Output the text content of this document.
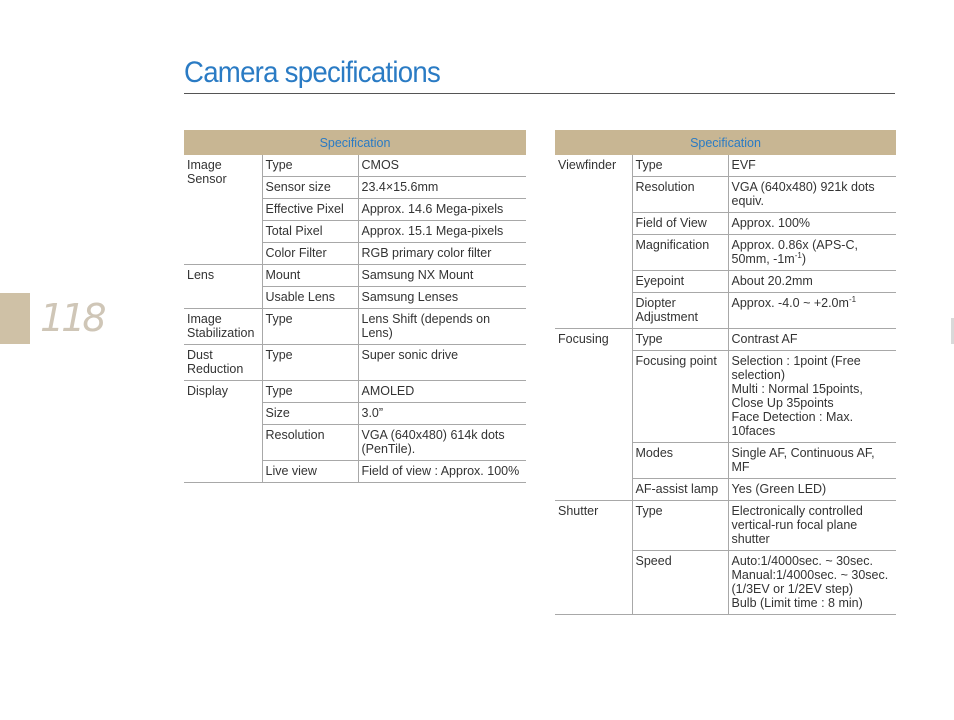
Camera specifications
118
Specification		
Image Sensor	Type	CMOS
	Sensor size	23.4×15.6mm
	Effective Pixel	Approx. 14.6 Mega-pixels
	Total Pixel	Approx. 15.1 Mega-pixels
	Color Filter	RGB primary color filter
Lens	Mount	Samsung NX Mount
	Usable Lens	Samsung Lenses
Image Stabilization	Type	Lens Shift (depends on Lens)
Dust Reduction	Type	Super sonic drive
Display	Type	AMOLED
	Size	3.0”
	Resolution	VGA (640x480) 614k dots (PenTile).
	Live view	Field of view : Approx. 100%
Specification		
Viewfinder	Type	EVF
	Resolution	VGA (640x480) 921k dots equiv.
	Field of View	Approx. 100%
	Magnification	Approx. 0.86x (APS-C, 50mm, $-1m^{-1}$)
	Eyepoint	About 20.2mm
	Diopter Adjustment	Approx. -4.0 ~ $+2.0m^{-1}$
Focusing	Type	Contrast AF
	Focusing point	Selection : 1point (Free selection)
Multi : Normal 15points, Close Up 35points
Face Detection : Max. 10faces

	Modes	Single AF, Continuous AF, MF
	AF-assist lamp	Yes (Green LED)
Shutter	Type	Electronically controlled vertical-run focal plane shutter
	Speed	Auto:1/4000sec. ~ 30sec.
Manual:1/4000sec. ~ 30sec. (1/3EV or 1/2EV step)
Bulb (Limit time : 8 min)
